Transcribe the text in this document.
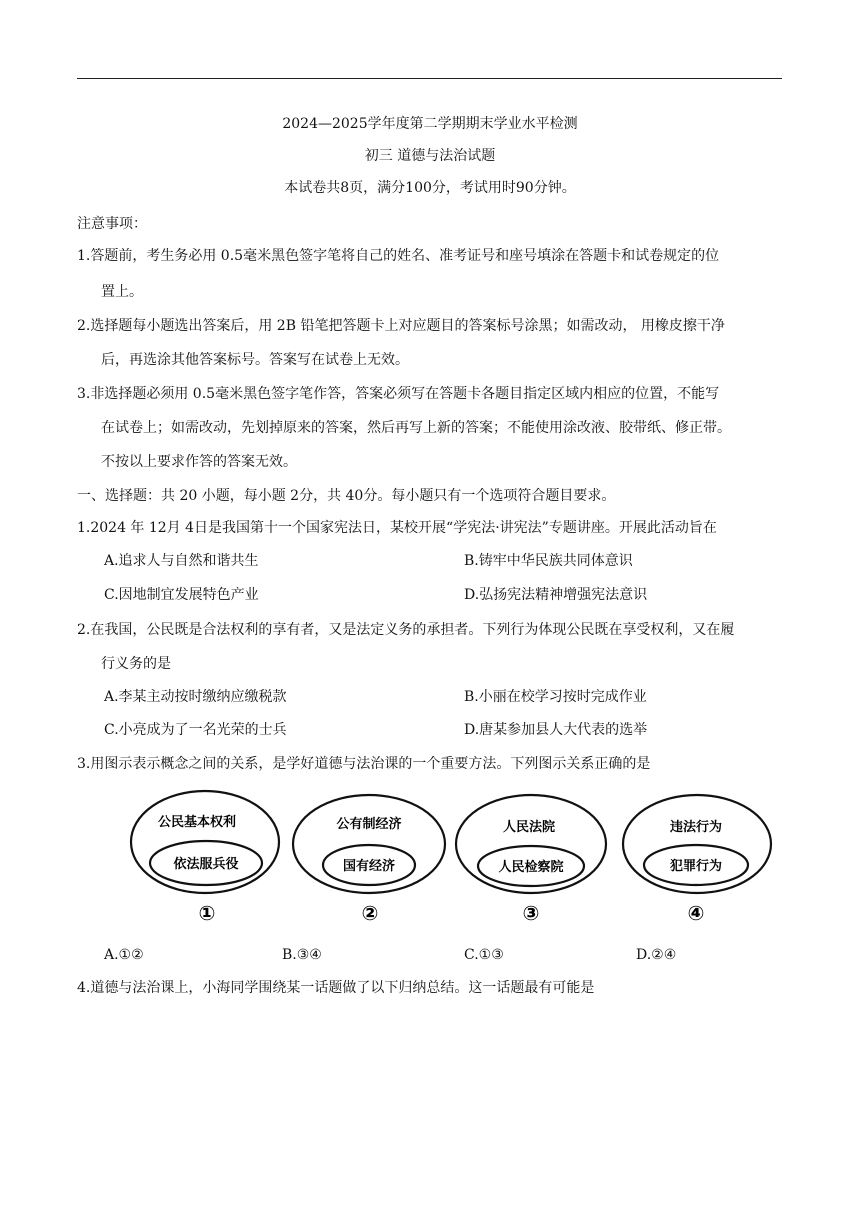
2024—2025学年度第二学期期末学业水平检测
初三 道德与法治试题
本试卷共8页，满分100分，考试用时90分钟。
注意事项：
1.答题前，考生务必用 0.5毫米黑色签字笔将自己的姓名、准考证号和座号填涂在答题卡和试卷规定的位
置上。
2.选择题每小题选出答案后，用 2B 铅笔把答题卡上对应题目的答案标号涂黑；如需改动， 用橡皮擦干净
后，再选涂其他答案标号。答案写在试卷上无效。
3.非选择题必须用 0.5毫米黑色签字笔作答，答案必须写在答题卡各题目指定区域内相应的位置，不能写
在试卷上；如需改动，先划掉原来的答案，然后再写上新的答案；不能使用涂改液、胶带纸、修正带。
不按以上要求作答的答案无效。
一、选择题：共 20 小题，每小题 2分，共 40分。每小题只有一个选项符合题目要求。
1.2024 年 12月 4日是我国第十一个国家宪法日，某校开展“学宪法·讲宪法”专题讲座。开展此活动旨在
A.追求人与自然和谐共生	B.铸牢中华民族共同体意识
C.因地制宜发展特色产业	D.弘扬宪法精神增强宪法意识
2.在我国，公民既是合法权利的享有者，又是法定义务的承担者。下列行为体现公民既在享受权利，又在履
行义务的是
A.李某主动按时缴纳应缴税款	B.小丽在校学习按时完成作业
C.小亮成为了一名光荣的士兵	D.唐某参加县人大代表的选举
3.用图示表示概念之间的关系，是学好道德与法治课的一个重要方法。下列图示关系正确的是
公民基本权利
依法服兵役
①
公有制经济
国有经济
②
人民法院
人民检察院
③
违法行为
犯罪行为
④
A.①②	B.③④	C.①③	D.②④
4.道德与法治课上，小海同学围绕某一话题做了以下归纳总结。这一话题最有可能是
